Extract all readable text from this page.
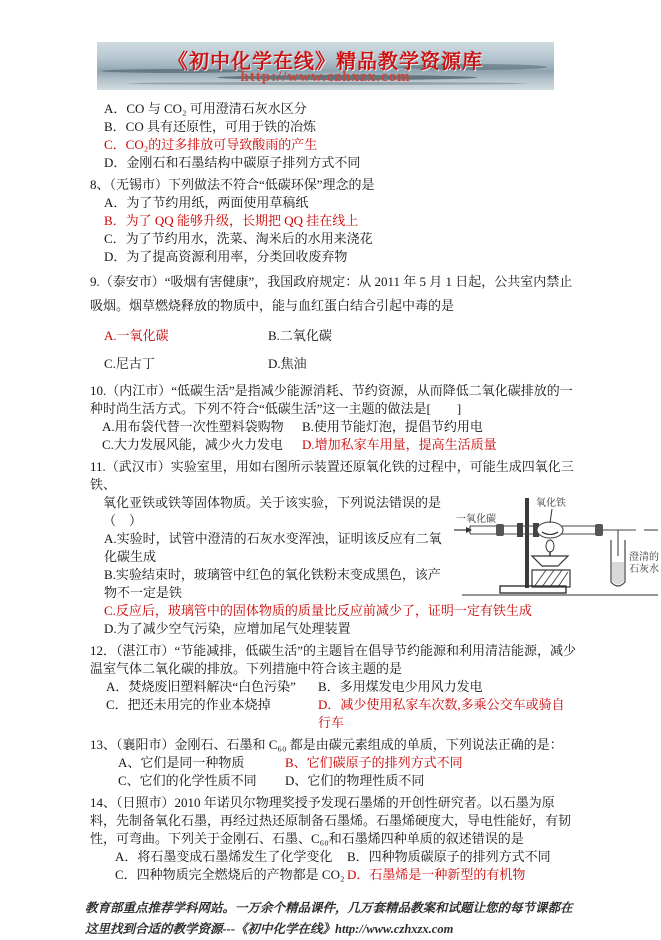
《初中化学在线》精品教学资源库
http://www.czhxzx.com

A．CO 与 CO₂ 可用澄清石灰水区分

B．CO 具有还原性，可用于铁的冶炼

C．CO₂的过多排放可导致酸雨的产生

D．金刚石和石墨结构中碳原子排列方式不同

8、（无锡市）下列做法不符合“低碳环保”理念的是

A．为了节约用纸，两面使用草稿纸

B．为了 QQ 能够升级，长期把 QQ 挂在线上

C．为了节约用水，洗菜、淘米后的水用来浇花

D．为了提高资源利用率，分类回收废弃物

9.（泰安市）“吸烟有害健康”，我国政府规定：从 2011 年 5 月 1 日起，公共室内禁止吸烟。烟草燃烧释放的物质中，能与血红蛋白结合引起中毒的是

A.一氧化碳	B.二氧化碳

C.尼古丁	D.焦油

10.（内江市）“低碳生活”是指减少能源消耗、节约资源，从而降低二氧化碳排放的一种时尚生活方式。下列不符合“低碳生活”这一主题的做法是[　　]

A.用布袋代替一次性塑料袋购物	B.使用节能灯泡，提倡节约用电

C.大力发展风能，减少火力发电	D.增加私家车用量，提高生活质量

11.（武汉市）实验室里，用如右图所示装置还原氧化铁的过程中，可能生成四氧化三铁、

一氧化碳
氧化铁
澄清的
石灰水

氧化亚铁或铁等固体物质。关于该实验，下列说法错误的是

（　）

A.实验时，试管中澄清的石灰水变浑浊，证明该反应有二氧化碳生成

B.实验结束时，玻璃管中红色的氧化铁粉末变成黑色，该产物不一定是铁

C.反应后，玻璃管中的固体物质的质量比反应前减少了，证明一定有铁生成

D.为了减少空气污染，应增加尾气处理装置

12．（湛江市）“节能减排，低碳生活”的主题旨在倡导节约能源和利用清洁能源，减少温室气体二氧化碳的排放。下列措施中符合该主题的是

A．焚烧废旧塑料解决“白色污染”	B．多用煤发电少用风力发电

C．把还未用完的作业本烧掉	D．减少使用私家车次数,多乘公交车或骑自行车

13、（襄阳市）金刚石、石墨和 C₆₀ 都是由碳元素组成的单质，下列说法正确的是：

A、它们是同一种物质	B、它们碳原子的排列方式不同

C、它们的化学性质不同	D、它们的物理性质不同

14、（日照市）2010 年诺贝尔物理奖授予发现石墨烯的开创性研究者。以石墨为原料，先制备氧化石墨，再经过热还原制备石墨烯。石墨烯硬度大，导电性能好，有韧性，可弯曲。下列关于金刚石、石墨、C₆₀和石墨烯四种单质的叙述错误的是

A．将石墨变成石墨烯发生了化学变化	B．四种物质碳原子的排列方式不同

C．四种物质完全燃烧后的产物都是 CO₂ D．石墨烯是一种新型的有机物

教育部重点推荐学科网站。一万余个精品课件，几万套精品教案和试题让您的每节课都在这里找到合适的教学资源---《初中化学在线》http://www.czhxzx.com
